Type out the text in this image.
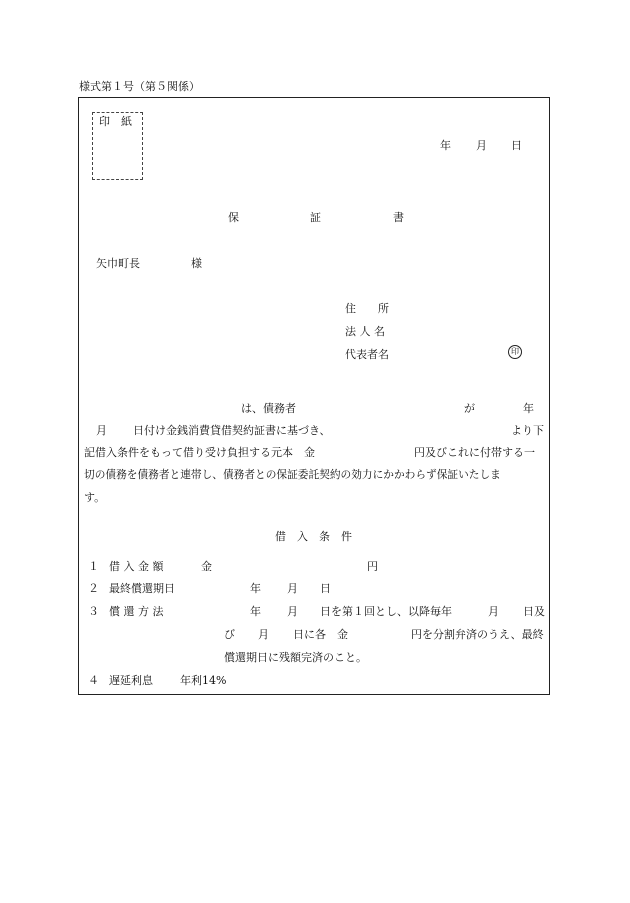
様式第１号（第５関係）
印　紙
年 月 日
保	証	書
矢巾町長	様
住　　所
法 人 名
代表者名	印
は、債務者	が	年
月 日付け金銭消費貸借契約証書に基づき、	より下
記借入条件をもって借り受け負担する元本　金	円及びこれに付帯する一
切の債務を債務者と連帯し、債務者との保証委託契約の効力にかかわらず保証いたしま
す。
借　入　条　件
１ 借 入 金 額	金	円
２ 最終償還期日	年 月 日
３ 償 還 方 法	年 月 日を第１回とし、以降毎年	月 日及
び 月 日に各　金	円を分割弁済のうえ、最終
償還期日に残額完済のこと。
４ 遅延利息 年利14%
